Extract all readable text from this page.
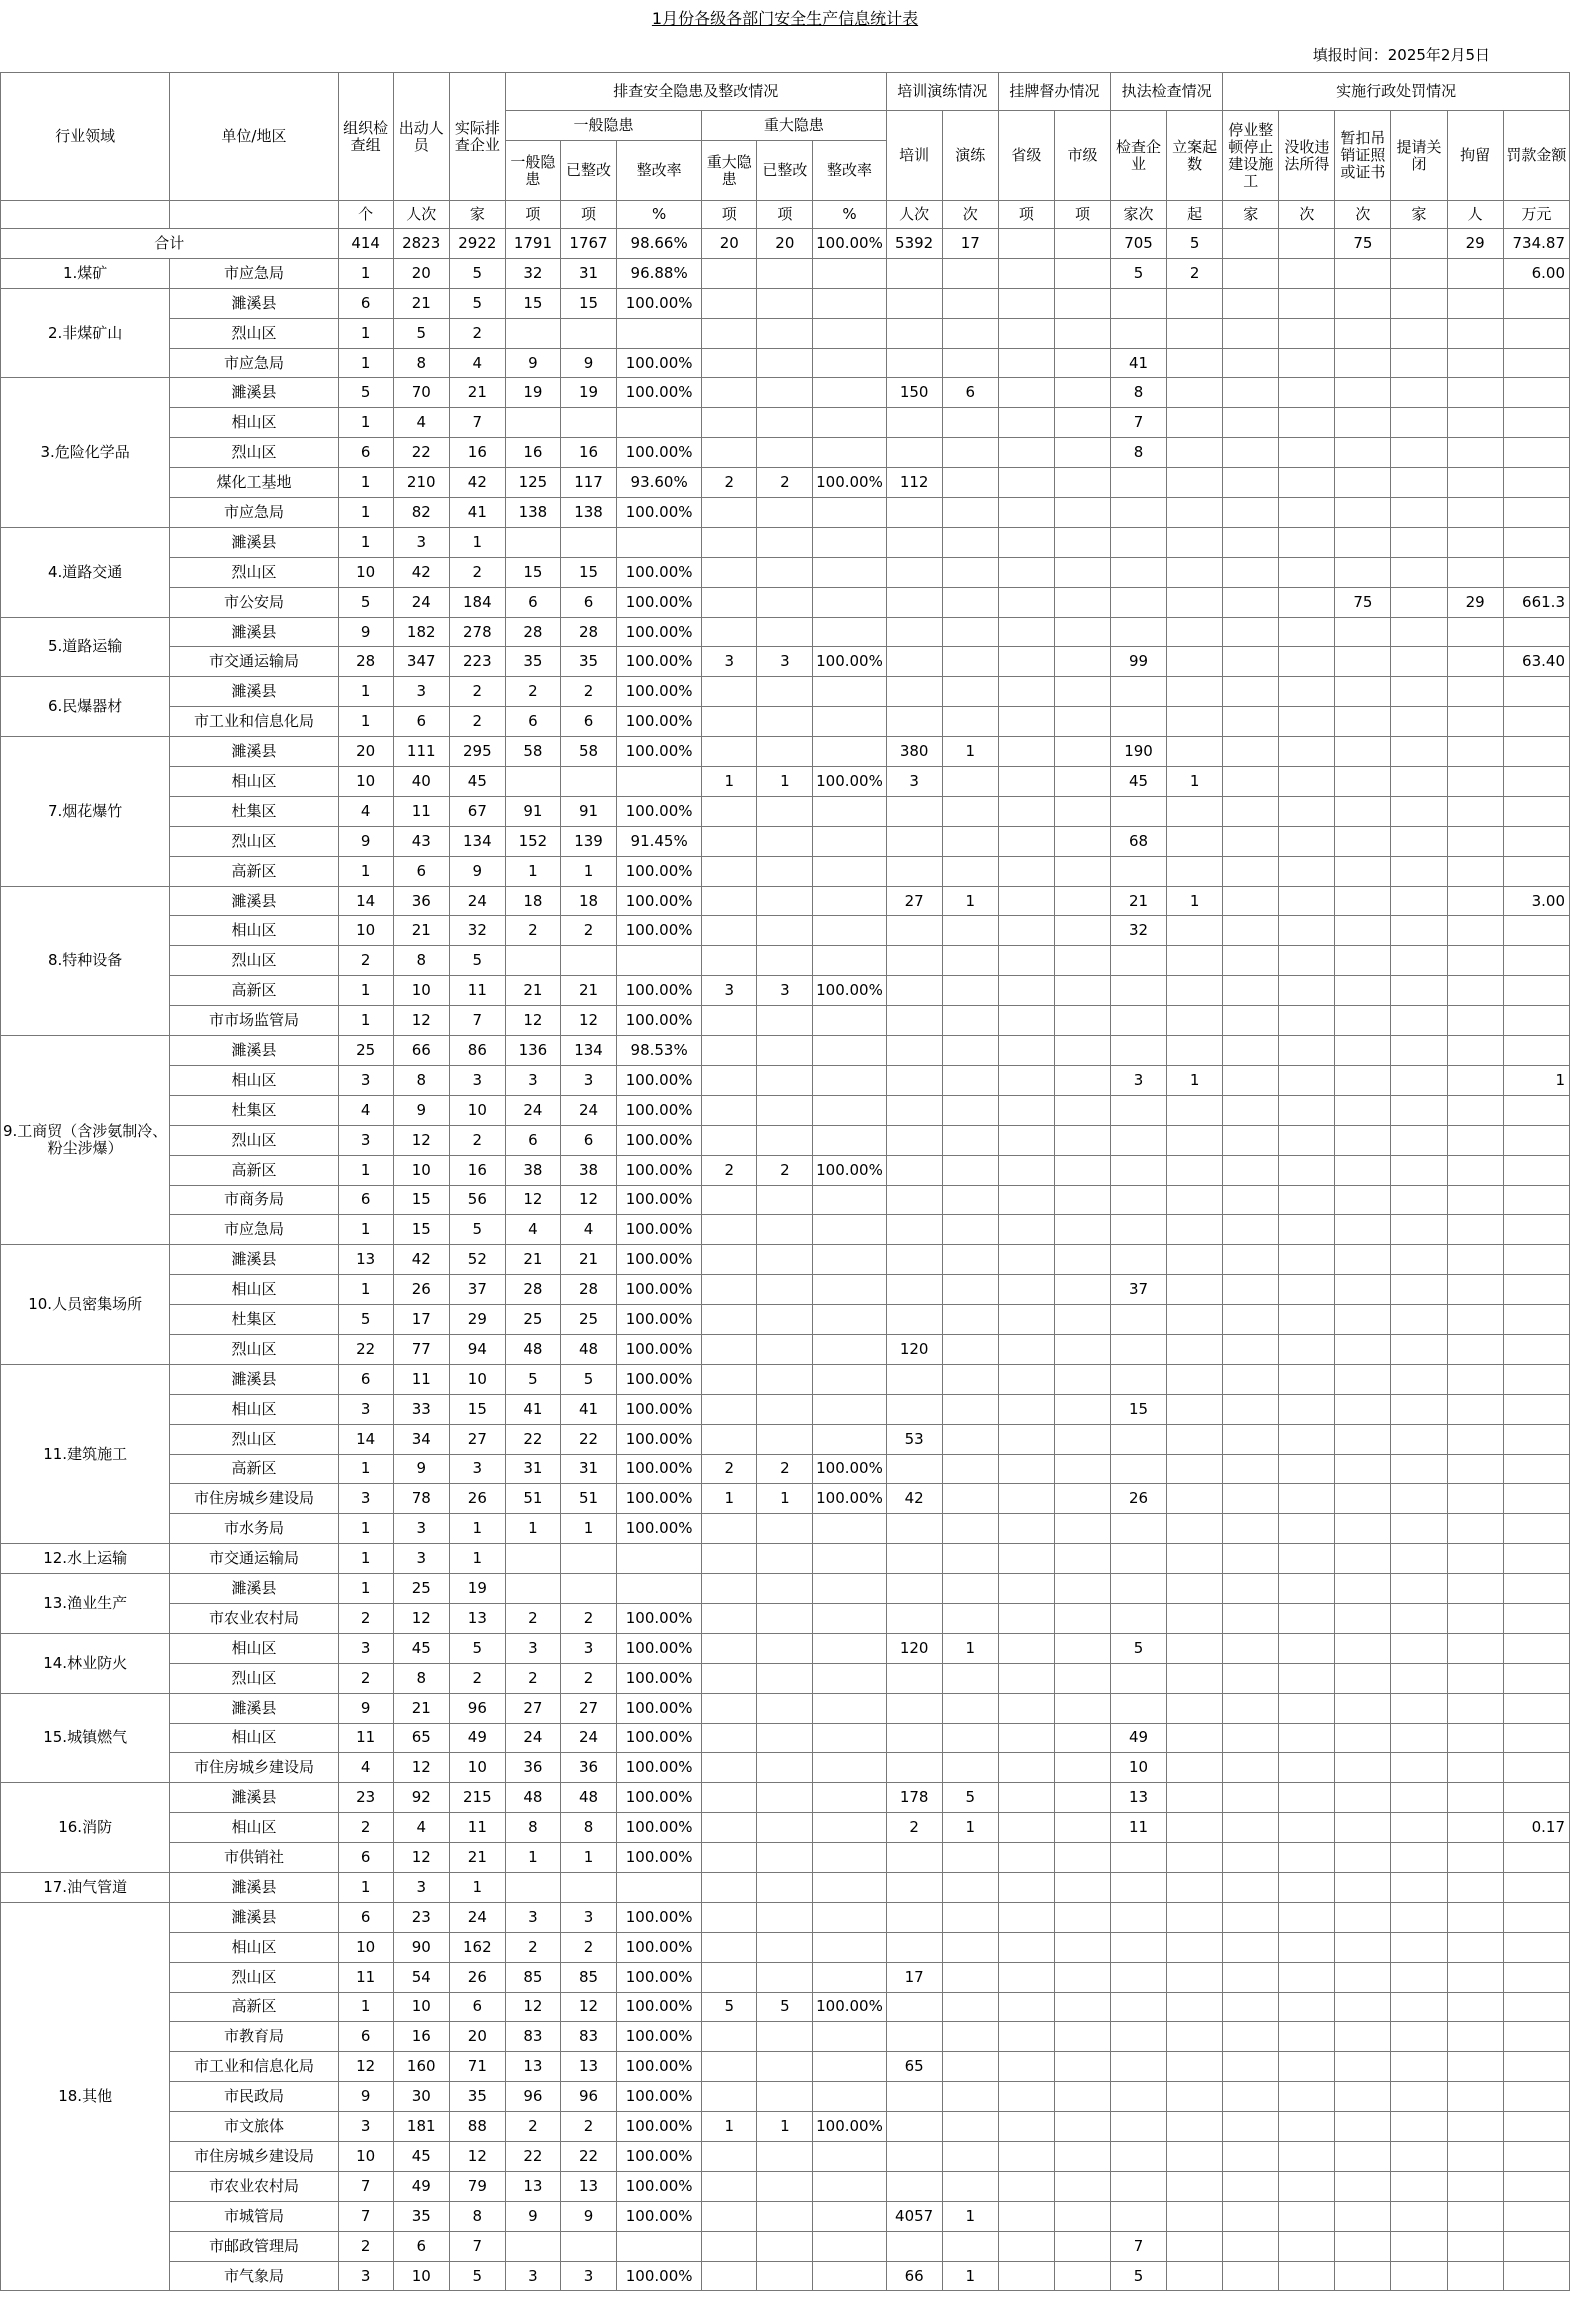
1月份各级各部门安全生产信息统计表
填报时间：2025年2月5日
行业领域	单位/地区	组织检查组	出动人员	实际排查企业	排查安全隐患及整改情况						培训演练情况		挂牌督办情况		执法检查情况		实施行政处罚情况					
					一般隐患			重大隐患			培训	演练	省级	市级	检查企业	立案起数	停业整顿停止建设施工	没收违法所得	暂扣吊销证照或证书	提请关闭	拘留	罚款金额
					一般隐患	已整改	整改率	重大隐患	已整改	整改率												
		个	人次	家	项	项	%	项	项	%	人次	次	项	项	家次	起	家	次	次	家	人	万元
合计		414	2823	2922	1791	1767	98.66%	20	20	100.00%	5392	17			705	5			75		29	734.87
1.煤矿	市应急局	1	20	5	32	31	96.88%								5	2						6.00
2.非煤矿山	濉溪县	6	21	5	15	15	100.00%															
	烈山区	1	5	2																		
	市应急局	1	8	4	9	9	100.00%								41							
3.危险化学品	濉溪县	5	70	21	19	19	100.00%				150	6			8							
	相山区	1	4	7											7							
	烈山区	6	22	16	16	16	100.00%								8							
	煤化工基地	1	210	42	125	117	93.60%	2	2	100.00%	112											
	市应急局	1	82	41	138	138	100.00%															
4.道路交通	濉溪县	1	3	1																		
	烈山区	10	42	2	15	15	100.00%															
	市公安局	5	24	184	6	6	100.00%												75		29	661.3
5.道路运输	濉溪县	9	182	278	28	28	100.00%															
	市交通运输局	28	347	223	35	35	100.00%	3	3	100.00%					99							63.40
6.民爆器材	濉溪县	1	3	2	2	2	100.00%															
	市工业和信息化局	1	6	2	6	6	100.00%															
7.烟花爆竹	濉溪县	20	111	295	58	58	100.00%				380	1			190							
	相山区	10	40	45				1	1	100.00%	3				45	1						
	杜集区	4	11	67	91	91	100.00%															
	烈山区	9	43	134	152	139	91.45%								68							
	高新区	1	6	9	1	1	100.00%															
8.特种设备	濉溪县	14	36	24	18	18	100.00%				27	1			21	1						3.00
	相山区	10	21	32	2	2	100.00%								32							
	烈山区	2	8	5																		
	高新区	1	10	11	21	21	100.00%	3	3	100.00%												
	市市场监管局	1	12	7	12	12	100.00%															
9.工商贸（含涉氨制冷、粉尘涉爆）	濉溪县	25	66	86	136	134	98.53%															
	相山区	3	8	3	3	3	100.00%								3	1						1
	杜集区	4	9	10	24	24	100.00%															
	烈山区	3	12	2	6	6	100.00%															
	高新区	1	10	16	38	38	100.00%	2	2	100.00%												
	市商务局	6	15	56	12	12	100.00%															
	市应急局	1	15	5	4	4	100.00%															
10.人员密集场所	濉溪县	13	42	52	21	21	100.00%															
	相山区	1	26	37	28	28	100.00%								37							
	杜集区	5	17	29	25	25	100.00%															
	烈山区	22	77	94	48	48	100.00%				120											
11.建筑施工	濉溪县	6	11	10	5	5	100.00%															
	相山区	3	33	15	41	41	100.00%								15							
	烈山区	14	34	27	22	22	100.00%				53											
	高新区	1	9	3	31	31	100.00%	2	2	100.00%												
	市住房城乡建设局	3	78	26	51	51	100.00%	1	1	100.00%	42				26							
	市水务局	1	3	1	1	1	100.00%															
12.水上运输	市交通运输局	1	3	1																		
13.渔业生产	濉溪县	1	25	19																		
	市农业农村局	2	12	13	2	2	100.00%															
14.林业防火	相山区	3	45	5	3	3	100.00%				120	1			5							
	烈山区	2	8	2	2	2	100.00%															
15.城镇燃气	濉溪县	9	21	96	27	27	100.00%															
	相山区	11	65	49	24	24	100.00%								49							
	市住房城乡建设局	4	12	10	36	36	100.00%								10							
16.消防	濉溪县	23	92	215	48	48	100.00%				178	5			13							
	相山区	2	4	11	8	8	100.00%				2	1			11							0.17
	市供销社	6	12	21	1	1	100.00%															
17.油气管道	濉溪县	1	3	1																		
18.其他	濉溪县	6	23	24	3	3	100.00%															
	相山区	10	90	162	2	2	100.00%															
	烈山区	11	54	26	85	85	100.00%				17											
	高新区	1	10	6	12	12	100.00%	5	5	100.00%												
	市教育局	6	16	20	83	83	100.00%															
	市工业和信息化局	12	160	71	13	13	100.00%				65											
	市民政局	9	30	35	96	96	100.00%															
	市文旅体	3	181	88	2	2	100.00%	1	1	100.00%												
	市住房城乡建设局	10	45	12	22	22	100.00%															
	市农业农村局	7	49	79	13	13	100.00%															
	市城管局	7	35	8	9	9	100.00%				4057	1										
	市邮政管理局	2	6	7											7							
	市气象局	3	10	5	3	3	100.00%				66	1			5							
